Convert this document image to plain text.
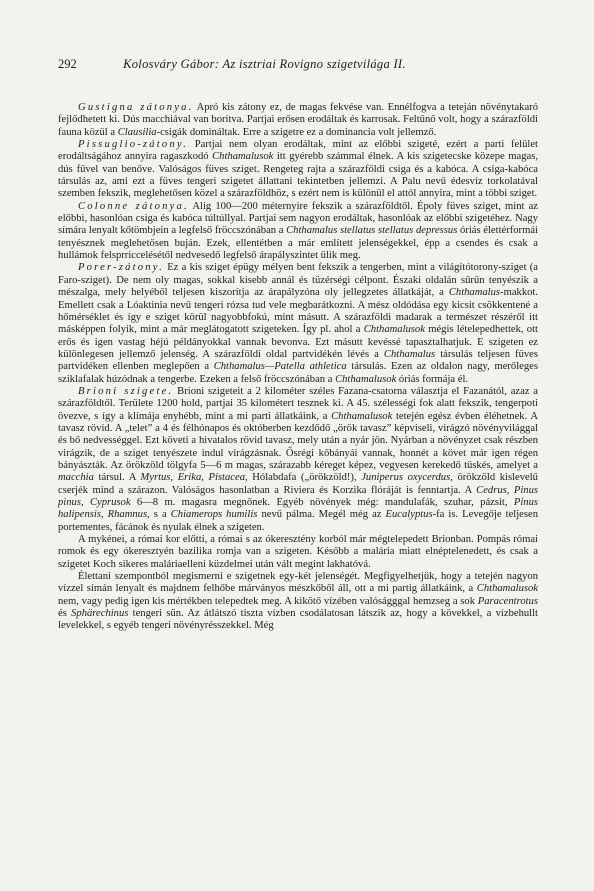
292	Kolosváry Gábor: Az isztriai Rovigno szigetvilága II.

Gustigna zátonya. Apró kis zátony ez, de magas fekvése van. Ennélfogva a teteján növénytakaró fejlődhetett ki. Dús macchiával van borítva. Partjai erősen erodáltak és karrosak. Feltűnő volt, hogy a szárazföldi fauna közül a Clausilia-csigák domináltak. Erre a szigetre ez a dominancia volt jellemző.

Pissuglio-zátony. Partjai nem olyan erodáltak, mint az előbbi szigeté, ezért a parti felület erodáltságához annyira ragaszkodó Chthamalusok itt gyérebb számmal élnek. A kis szigetecske közepe magas, dús fűvel van benőve. Valóságos füves sziget. Rengeteg rajta a szárazföldi csiga és a kabóca. A csiga-kabóca társulás az, ami ezt a füves tengeri szigetet állattani tekintetben jellemzi. A Palu nevű édesvíz torkolatával szemben fekszik, meglehetősen közel a szárazföldhöz, s ezért nem is különül el attól annyira, mint a többi sziget.

Colonne zátonya. Alig 100—200 méternyire fekszik a szárazföldtől. Époly füves sziget, mint az előbbi, hasonlóan csiga és kabóca túltúllyal. Partjai sem nagyon erodáltak, hasonlóak az előbbi szigetéhez. Nagy símára lenyalt kőtömbjein a legfelső fröccszónában a Chthamalus stellatus stellatus depressus óriás élettérformái tenyésznek meglehetősen buján. Ezek, ellentétben a már említett jelenségekkel, épp a csendes és csak a hullámok felsprriccelésétől nedvesedő legfelső árapályszintet ülik meg.

Porer-zátony. Ez a kis sziget épügy mélyen bent fekszik a tengerben, mint a világítótorony-sziget (a Faro-sziget). De nem oly magas, sokkal kisebb annál és tüzérségi célpont. Északi oldalán sűrűn tenyészik a mészalga, mely helyéből teljesen kiszorítja az árapályzóna oly jellegzetes állatkáját, a Chthamalus-makkot. Emellett csak a Lóaktinia nevű tengeri rózsa tud vele megbarátkozni. A mész oldódása egy kicsit csökkentené a hőmérséklet és így e sziget körül nagyobbfokú, mint másutt. A szárazföldi madarak a természet részéről itt másképpen folyik, mint a már meglátogatott szigeteken. Így pl. ahol a Chthamalusok mégis lételepedhettek, ott erős és igen vastag héjú példányokkal vannak bevonva. Ezt másutt kevéssé tapasztalhatjuk. E szigeten ez különlegesen jellemző jelenség. A szárazföldi oldal partvidékén lévés a Chthamalus társulás teljesen füves partvidéken ellenben meglepően a Chthamalus—Patella athletica társulás. Ezen az oldalon nagy, merőleges sziklafalak húzódnak a tengerbe. Ezeken a felső fröccszónában a Chthamalusok óriás formája él.

Brioni szigete. Brioni szigeteit a 2 kilométer széles Fazana-csatorna választja el Fazanától, azaz a szárazföldtől. Területe 1200 hold, partjai 35 kilométert tesznek ki. A 45. szélességi fok alatt fekszik, tengerpoti övezve, s így a klímája enyhébb, mint a mi parti állatkáink, a Chthamalusok tetején egész évben éléhetnek. A tavasz rövid. A „telet” a 4 és félhónapos és októberben kezdődő „örök tavasz” képviseli, virágzó növényvilággal és bő nedvességgel. Ezt követi a hivatalos rövid tavasz, mely után a nyár jön. Nyárban a növényzet csak részben virágzik, de a sziget tenyészete indul virágzásnak. Ősrégi kőbányái vannak, honnét a követ már igen régen bányászták. Az örökzöld tölgyfa 5—6 m magas, szárazabb kéreget képez, vegyesen kerekedő tüskés, amelyet a macchia társul. A Myrtus, Erika, Pistacea, Hólabdafa („örökzöld!), Juniperus oxycerdus, örökzöld kislevelű cserjék mind a szárazon. Valóságos hasonlatban a Riviera és Korzika flóráját is fenntartja. A Cedrus, Pinus pinus, Cyprusok 6—8 m. magasra megnőnek. Egyéb növények még: mandulafák, szuhar, pázsit, Pinus halipensis, Rhamnus, s a Chiamerops humilis nevű pálma. Megél még az Eucalyptus-fa is. Levegője teljesen portementes, fácánok és nyulak élnek a szigeten.

A mykénei, a római kor előtti, a római s az ókeresztény korból már mégtelepedett Brionban. Pompás római romok és egy ókeresztyén bazilika romja van a szigeten. Később a malária miatt elnéptelenedett, és csak a szigetet Koch sikeres maláriaelleni küzdelmei után vált megint lakhatóvá.

Élettani szempontból megismerni e szigetnek egy-két jelenségét. Megfigyelhetjük, hogy a tetején nagyon vízzel símán lenyalt és majdnem felhőbe márványos mészkőből áll, ott a mi partig állatkáink, a Chthamalusok nem, vagy pedig igen kis mértékben telepedtek meg. A kikötő vízében valóságggal hemzseg a sok Paracentrotus és Sphärechinus tengeri sün. Az átlátszó tiszta vízben csodálatosan látszik az, hogy a kövekkel, a vízbehullt levelekkel, s egyéb tengeri növényrésszekkel. Még
